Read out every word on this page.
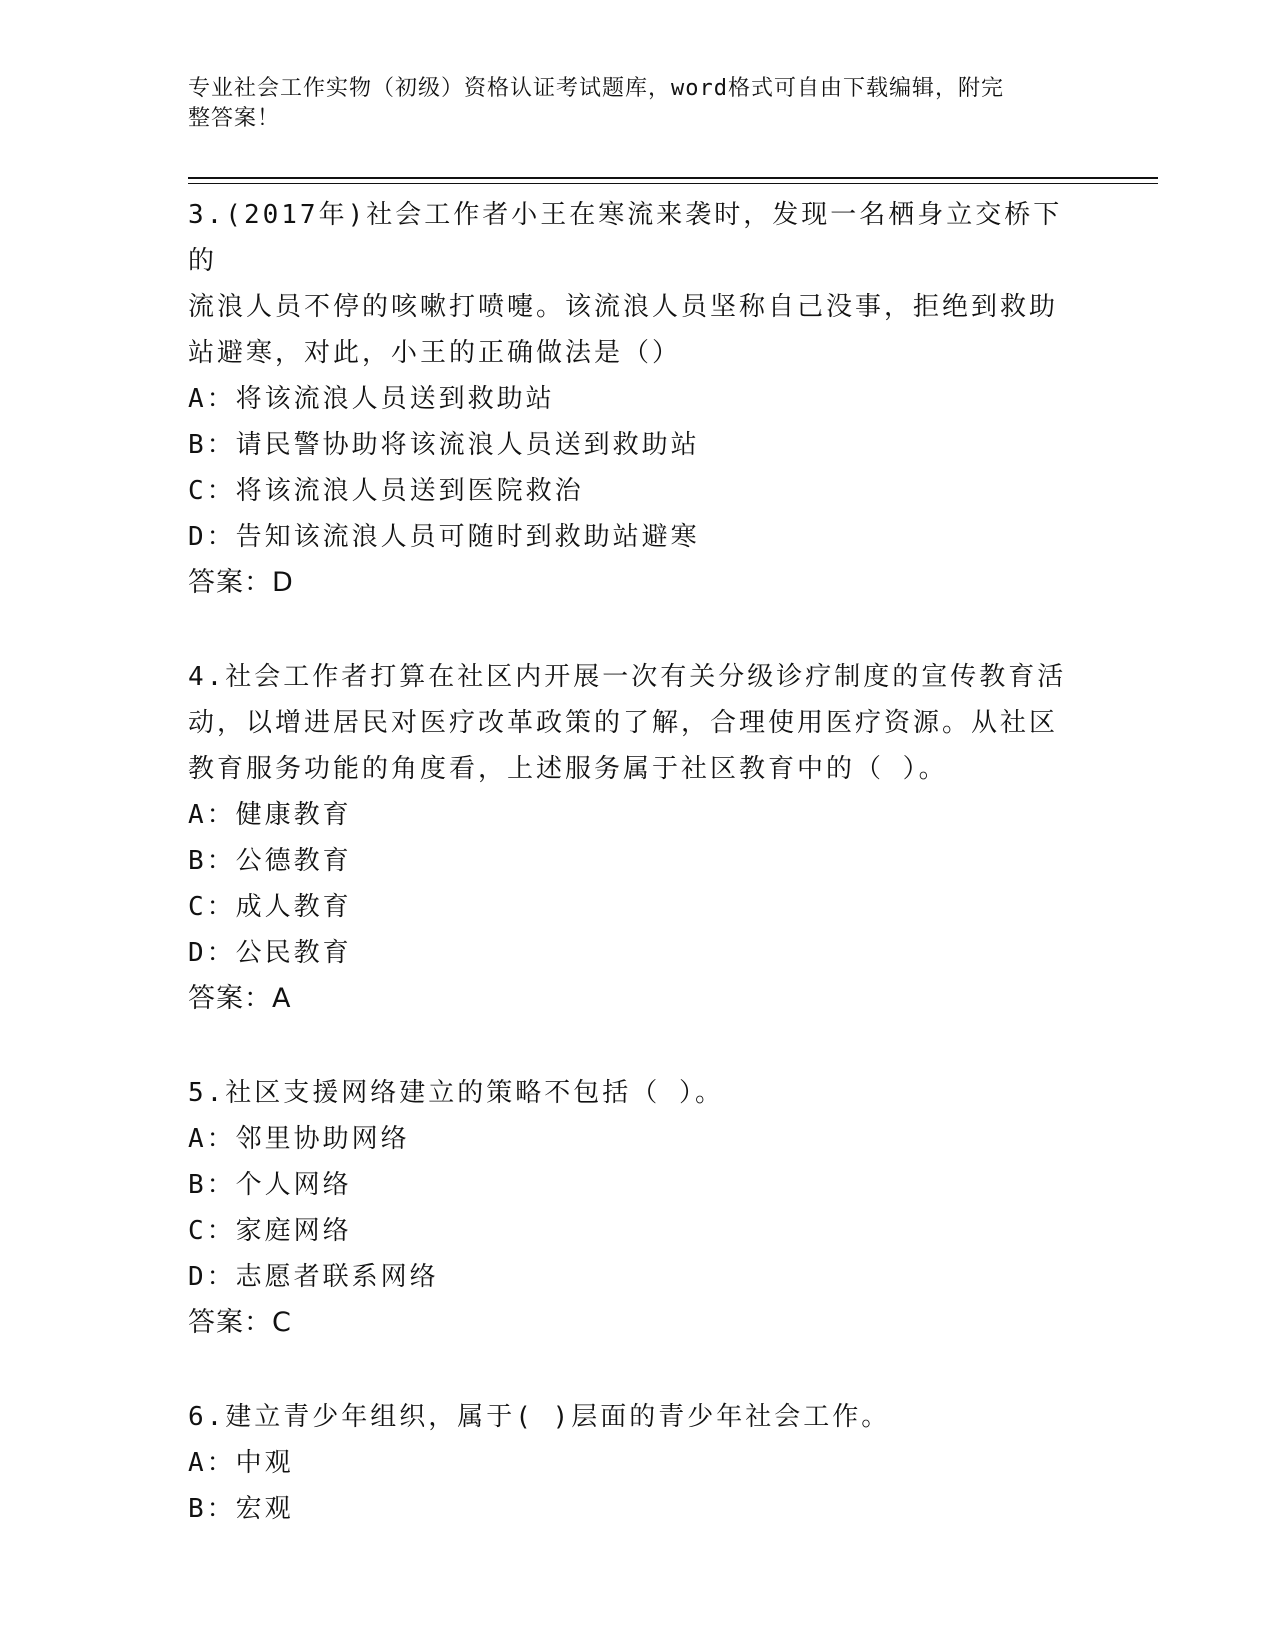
专业社会工作实物（初级）资格认证考试题库，word格式可自由下载编辑，附完
整答案！
3.(2017年)社会工作者小王在寒流来袭时，发现一名栖身立交桥下的
流浪人员不停的咳嗽打喷嚏。该流浪人员坚称自己没事，拒绝到救助
站避寒，对此，小王的正确做法是（）
A：将该流浪人员送到救助站
B：请民警协助将该流浪人员送到救助站
C：将该流浪人员送到医院救治
D：告知该流浪人员可随时到救助站避寒
答案：D
4.社会工作者打算在社区内开展一次有关分级诊疗制度的宣传教育活
动，以增进居民对医疗改革政策的了解，合理使用医疗资源。从社区
教育服务功能的角度看，上述服务属于社区教育中的（ ）。
A：健康教育
B：公德教育
C：成人教育
D：公民教育
答案：A
5.社区支援网络建立的策略不包括（ ）。
A：邻里协助网络
B：个人网络
C：家庭网络
D：志愿者联系网络
答案：C
6.建立青少年组织，属于( )层面的青少年社会工作。
A：中观
B：宏观
